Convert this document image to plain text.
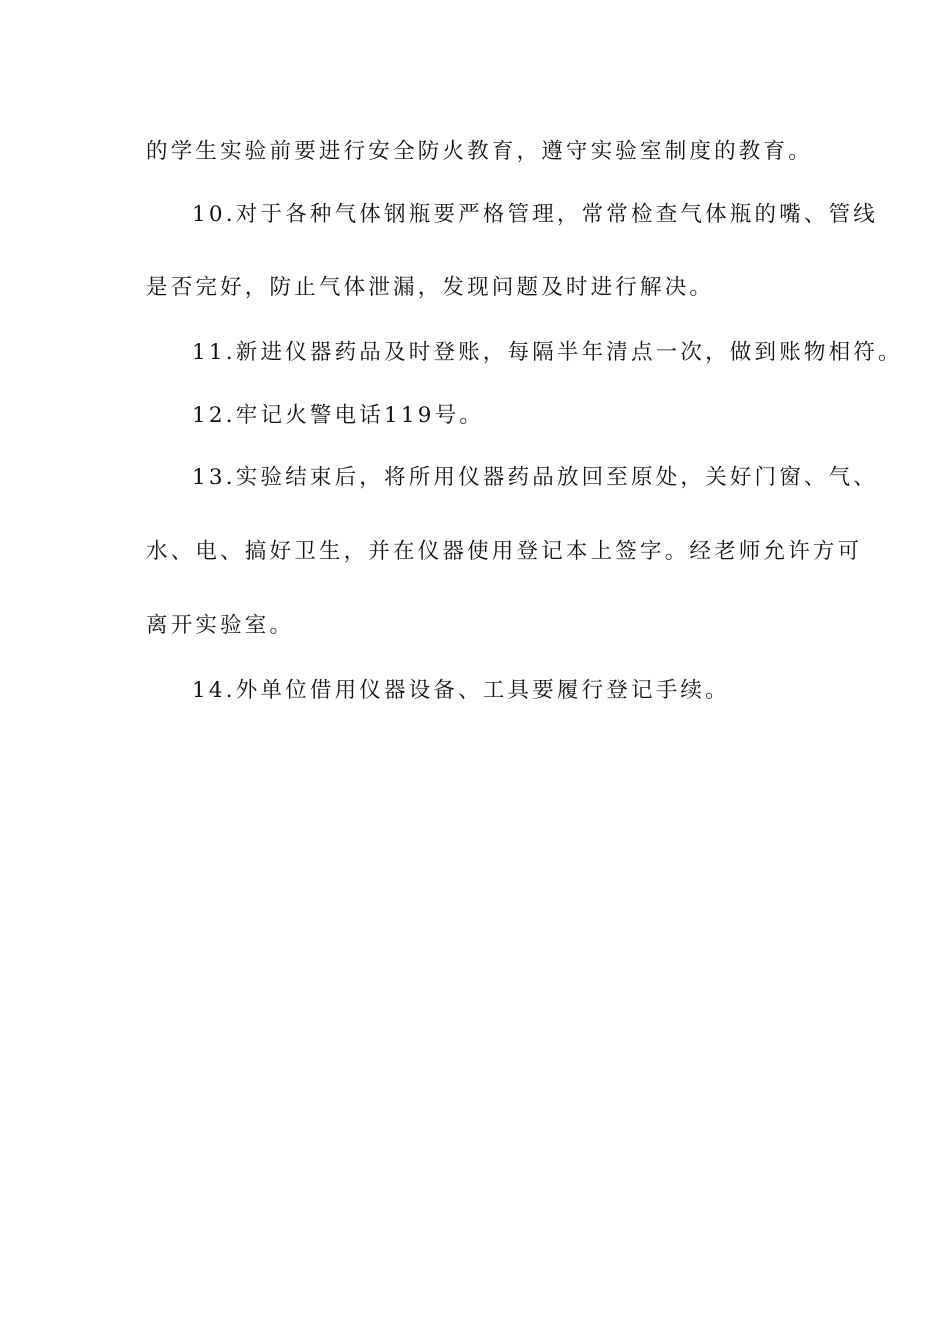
的学生实验前要进行安全防火教育，遵守实验室制度的教育。
10.对于各种气体钢瓶要严格管理，常常检查气体瓶的嘴、管线
是否完好，防止气体泄漏，发现问题及时进行解决。
11.新进仪器药品及时登账，每隔半年清点一次，做到账物相符。
12.牢记火警电话119号。
13.实验结束后，将所用仪器药品放回至原处，关好门窗、气、
水、电、搞好卫生，并在仪器使用登记本上签字。经老师允许方可
离开实验室。
14.外单位借用仪器设备、工具要履行登记手续。
